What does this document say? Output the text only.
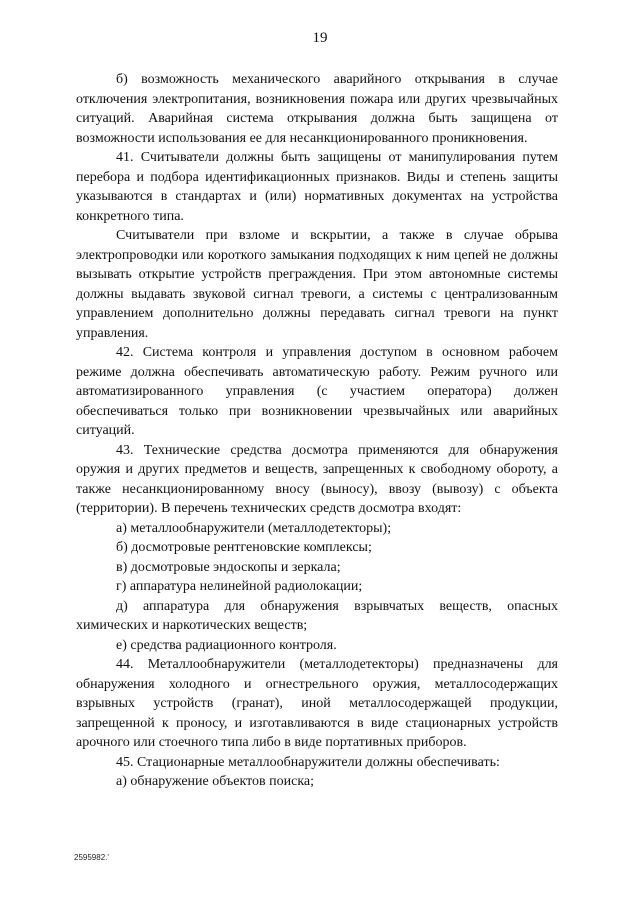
19

б) возможность механического аварийного открывания в случае отключения электропитания, возникновения пожара или других чрезвычайных ситуаций. Аварийная система открывания должна быть защищена от возможности использования ее для несанкционированного проникновения.

41. Считыватели должны быть защищены от манипулирования путем перебора и подбора идентификационных признаков. Виды и степень защиты указываются в стандартах и (или) нормативных документах на устройства конкретного типа.

Считыватели при взломе и вскрытии, а также в случае обрыва электропроводки или короткого замыкания подходящих к ним цепей не должны вызывать открытие устройств преграждения. При этом автономные системы должны выдавать звуковой сигнал тревоги, а системы с централизованным управлением дополнительно должны передавать сигнал тревоги на пункт управления.

42. Система контроля и управления доступом в основном рабочем режиме должна обеспечивать автоматическую работу. Режим ручного или автоматизированного управления (с участием оператора) должен обеспечиваться только при возникновении чрезвычайных или аварийных ситуаций.

43. Технические средства досмотра применяются для обнаружения оружия и других предметов и веществ, запрещенных к свободному обороту, а также несанкционированному вносу (выносу), ввозу (вывозу) с объекта (территории). В перечень технических средств досмотра входят:

а) металлообнаружители (металлодетекторы);

б) досмотровые рентгеновские комплексы;

в) досмотровые эндоскопы и зеркала;

г) аппаратура нелинейной радиолокации;

д) аппаратура для обнаружения взрывчатых веществ, опасных химических и наркотических веществ;

е) средства радиационного контроля.

44. Металлообнаружители (металлодетекторы) предназначены для обнаружения холодного и огнестрельного оружия, металлосодержащих взрывных устройств (гранат), иной металлосодержащей продукции, запрещенной к проносу, и изготавливаются в виде стационарных устройств арочного или стоечного типа либо в виде портативных приборов.

45. Стационарные металлообнаружители должны обеспечивать:

а) обнаружение объектов поиска;

2595982.'
